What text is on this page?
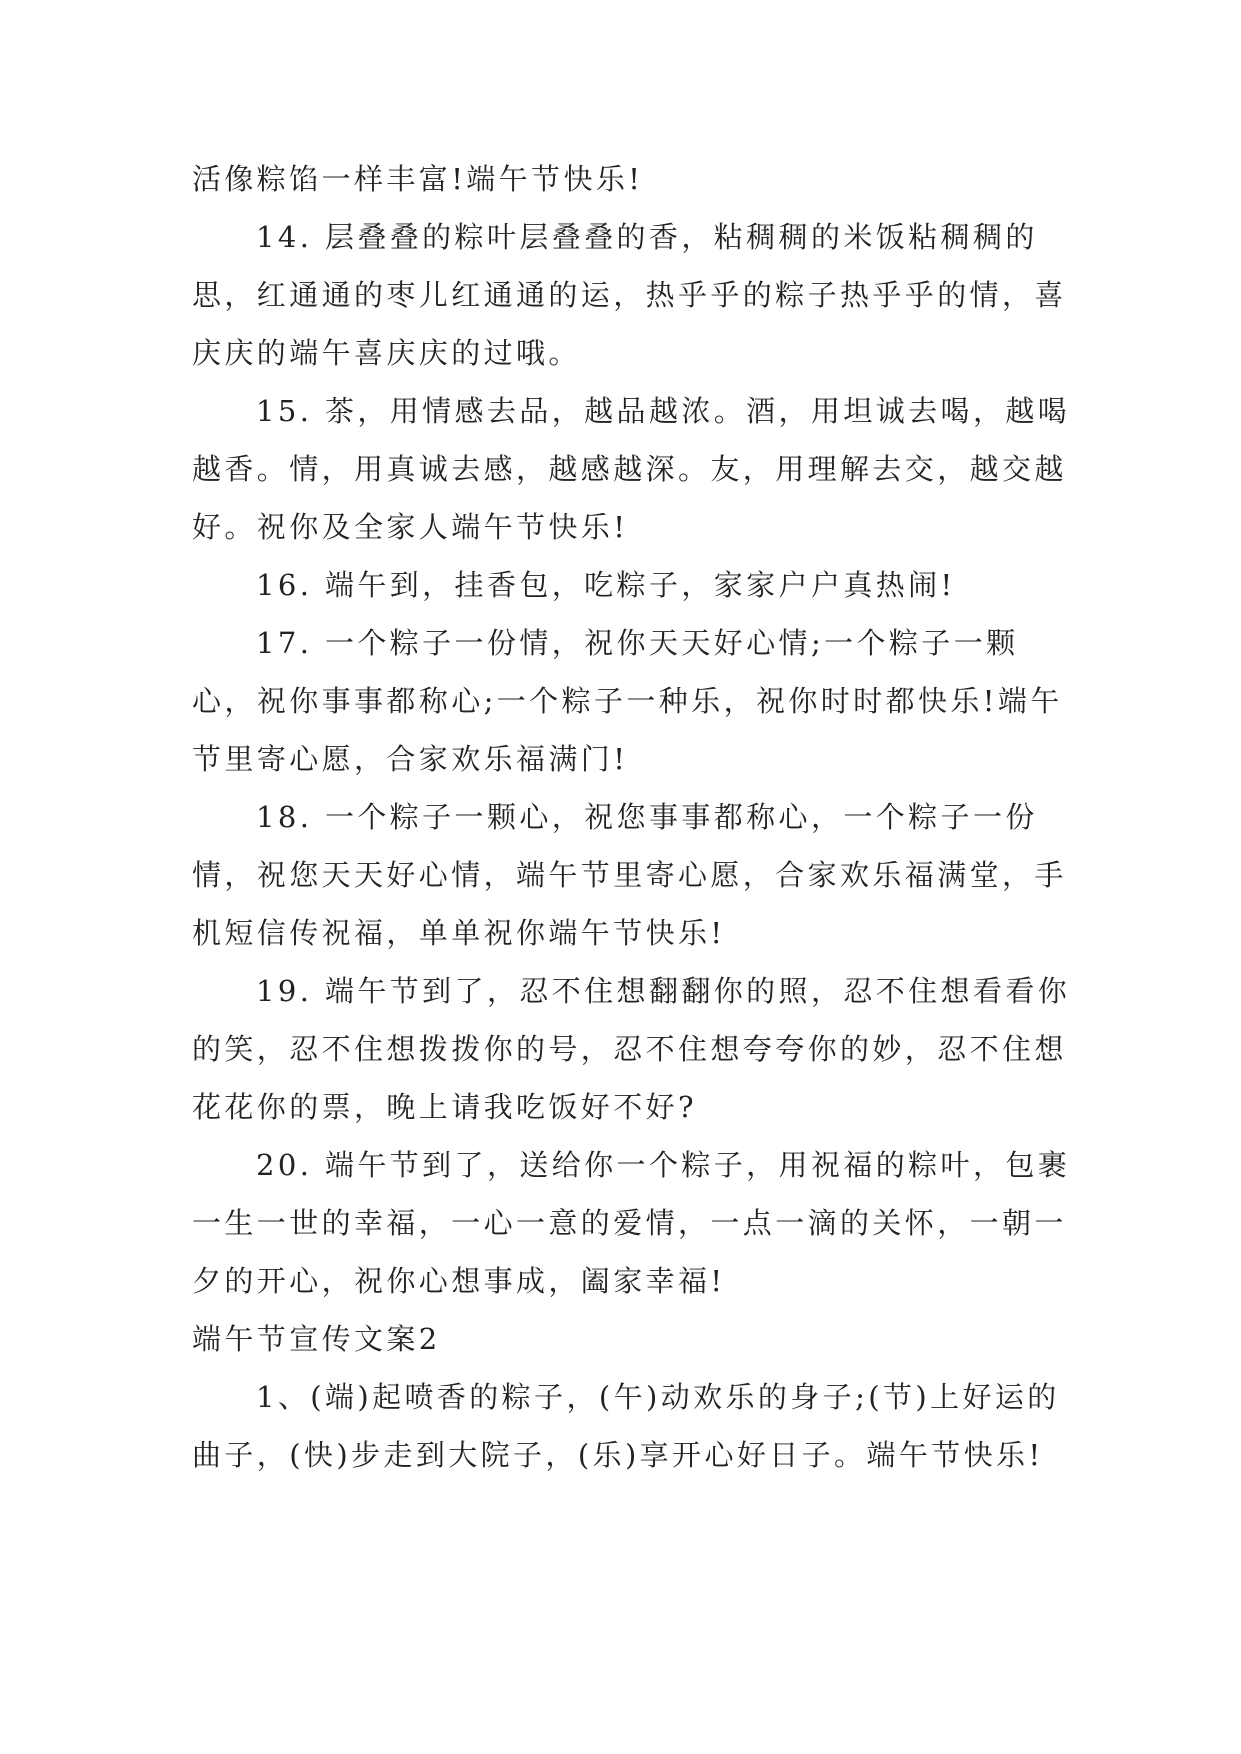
活像粽馅一样丰富!端午节快乐!

14. 层叠叠的粽叶层叠叠的香，粘稠稠的米饭粘稠稠的思，红通通的枣儿红通通的运，热乎乎的粽子热乎乎的情，喜庆庆的端午喜庆庆的过哦。

15. 茶，用情感去品，越品越浓。酒，用坦诚去喝，越喝越香。情，用真诚去感，越感越深。友，用理解去交，越交越好。祝你及全家人端午节快乐!

16. 端午到，挂香包，吃粽子，家家户户真热闹!

17. 一个粽子一份情，祝你天天好心情;一个粽子一颗心，祝你事事都称心;一个粽子一种乐，祝你时时都快乐!端午节里寄心愿，合家欢乐福满门!

18. 一个粽子一颗心，祝您事事都称心，一个粽子一份情，祝您天天好心情，端午节里寄心愿，合家欢乐福满堂，手机短信传祝福，单单祝你端午节快乐!

19. 端午节到了，忍不住想翻翻你的照，忍不住想看看你的笑，忍不住想拨拨你的号，忍不住想夸夸你的妙，忍不住想花花你的票，晚上请我吃饭好不好?

20. 端午节到了，送给你一个粽子，用祝福的粽叶，包裹一生一世的幸福，一心一意的爱情，一点一滴的关怀，一朝一夕的开心，祝你心想事成，阖家幸福!

端午节宣传文案2

1、(端)起喷香的粽子，(午)动欢乐的身子;(节)上好运的曲子，(快)步走到大院子，(乐)享开心好日子。端午节快乐!
